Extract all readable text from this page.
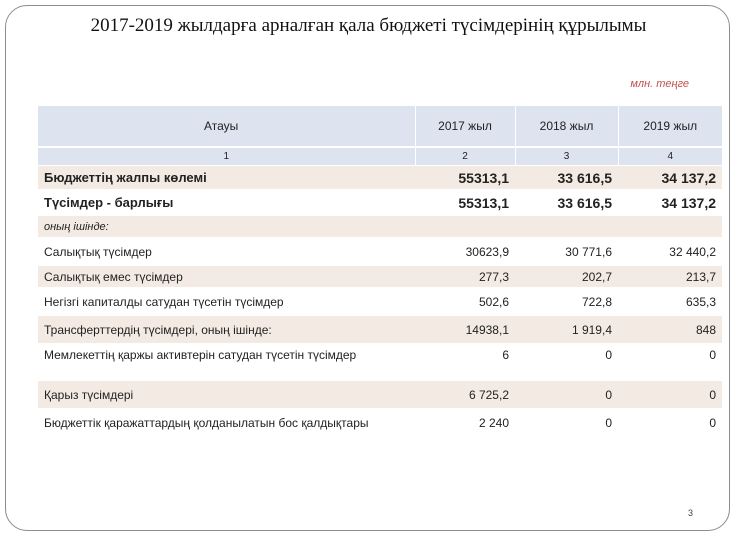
2017-2019 жылдарға арналған қала бюджеті түсімдерінің құрылымы
млн. теңге
Атауы	2017 жыл	2018 жыл	2019 жыл
1	2	3	4
Бюджеттің жалпы көлемі	55313,1	33 616,5	34 137,2
Түсімдер - барлығы	55313,1	33 616,5	34 137,2
оның ішінде:			
Салықтық түсімдер	30623,9	30 771,6	32 440,2
Салықтық емес түсімдер	277,3	202,7	213,7
Негізгі капиталды сатудан түсетін түсімдер	502,6	722,8	635,3
Трансферттердің түсімдері, оның ішінде:	14938,1	1 919,4	848
Мемлекеттің қаржы активтерін сатудан түсетін түсімдер	6	0	0
Қарыз түсімдері	6 725,2	0	0
Бюджеттік қаражаттардың қолданылатын бос қалдықтары	2 240	0	0
3
